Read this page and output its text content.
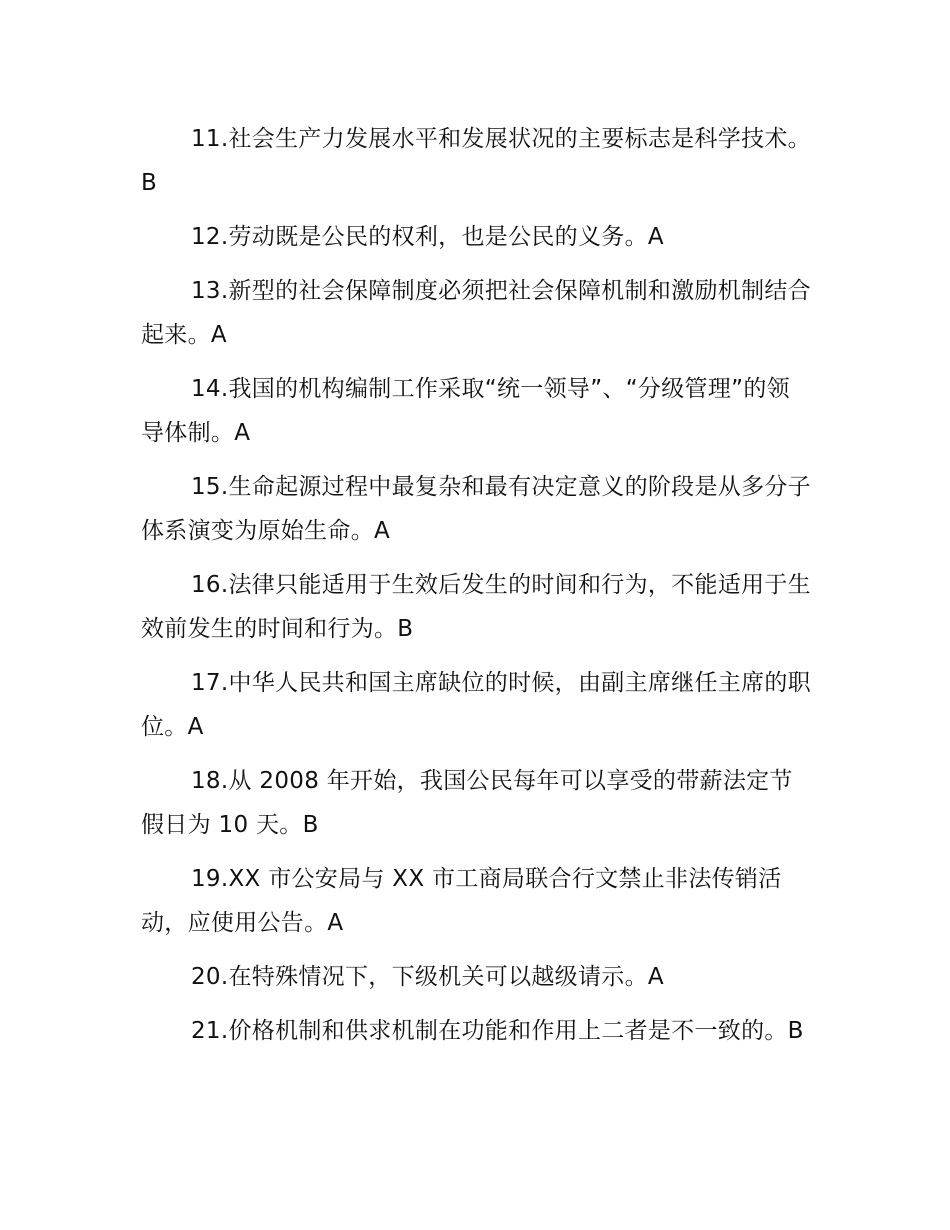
11.社会生产力发展水平和发展状况的主要标志是科学技术。B

12.劳动既是公民的权利，也是公民的义务。A

13.新型的社会保障制度必须把社会保障机制和激励机制结合起来。A

14.我国的机构编制工作采取“统一领导”、“分级管理”的领导体制。A

15.生命起源过程中最复杂和最有决定意义的阶段是从多分子体系演变为原始生命。A

16.法律只能适用于生效后发生的时间和行为，不能适用于生效前发生的时间和行为。B

17.中华人民共和国主席缺位的时候，由副主席继任主席的职位。A

18.从 2008 年开始，我国公民每年可以享受的带薪法定节假日为 10 天。B

19.XX 市公安局与 XX 市工商局联合行文禁止非法传销活动，应使用公告。A

20.在特殊情况下，下级机关可以越级请示。A

21.价格机制和供求机制在功能和作用上二者是不一致的。B
